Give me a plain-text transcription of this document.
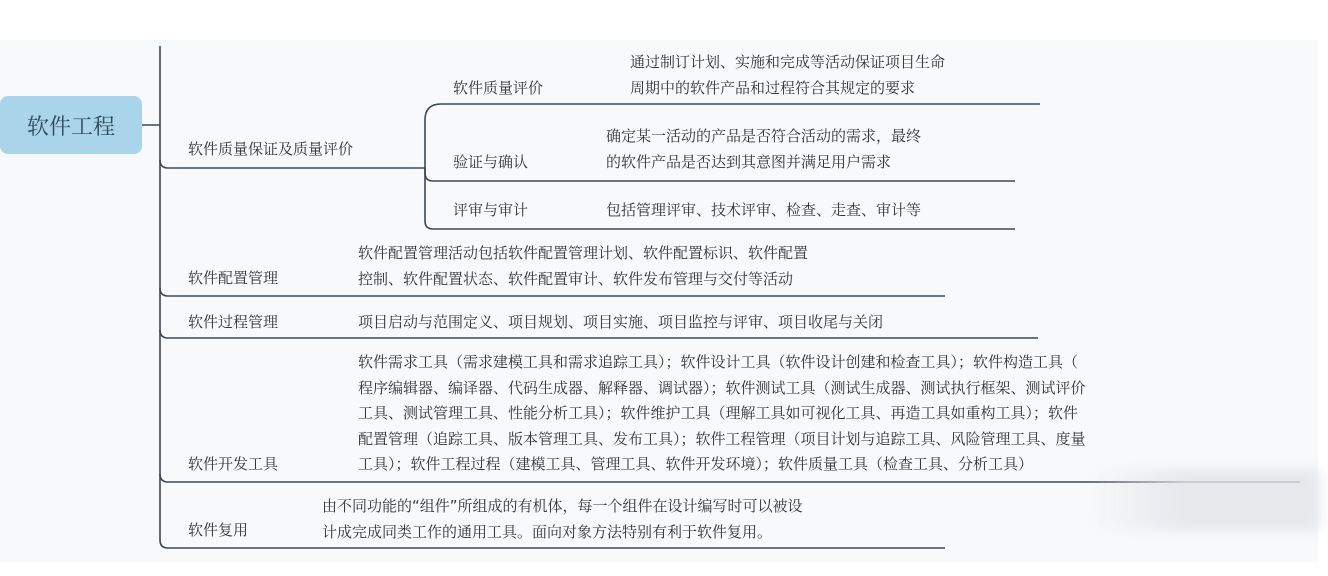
软件工程
软件质量保证及质量评价
软件质量评价
通过制订计划、实施和完成等活动保证项目生命
周期中的软件产品和过程符合其规定的要求
验证与确认
确定某一活动的产品是否符合活动的需求，最终
的软件产品是否达到其意图并满足用户需求
评审与审计	包括管理评审、技术评审、检查、走查、审计等
软件配置管理
软件配置管理活动包括软件配置管理计划、软件配置标识、软件配置
控制、软件配置状态、软件配置审计、软件发布管理与交付等活动
软件过程管理	项目启动与范围定义、项目规划、项目实施、项目监控与评审、项目收尾与关闭
软件开发工具
软件需求工具（需求建模工具和需求追踪工具）；软件设计工具（软件设计创建和检查工具）；软件构造工具（
程序编辑器、编译器、代码生成器、解释器、调试器）；软件测试工具（测试生成器、测试执行框架、测试评价
工具、测试管理工具、性能分析工具）；软件维护工具（理解工具如可视化工具、再造工具如重构工具）；软件
配置管理（追踪工具、版本管理工具、发布工具）；软件工程管理（项目计划与追踪工具、风险管理工具、度量
工具）；软件工程过程（建模工具、管理工具、软件开发环境）；软件质量工具（检查工具、分析工具）
软件复用
由不同功能的“组件”所组成的有机体，每一个组件在设计编写时可以被设
计成完成同类工作的通用工具。面向对象方法特别有利于软件复用。
